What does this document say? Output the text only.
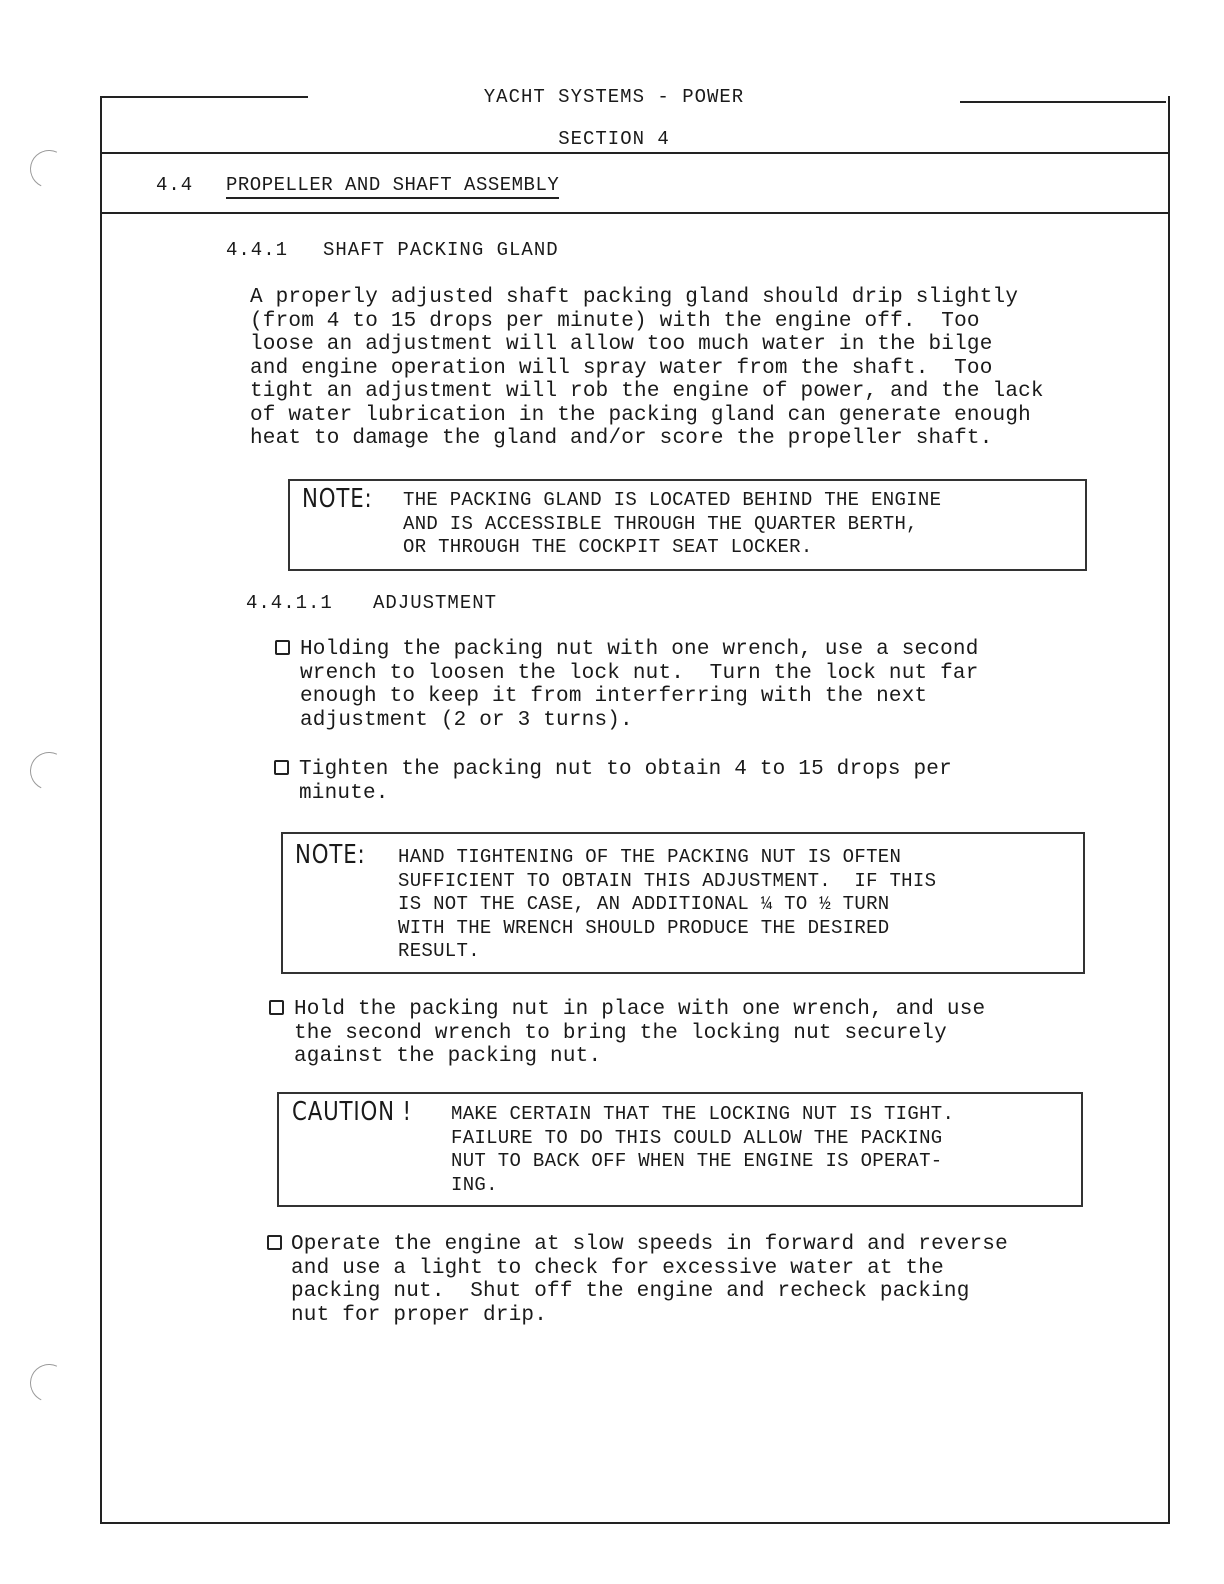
YACHT SYSTEMS - POWER
SECTION 4
4.4 PROPELLER AND SHAFT ASSEMBLY
4.4.1 SHAFT PACKING GLAND
A properly adjusted shaft packing gland should drip slightly
(from 4 to 15 drops per minute) with the engine off.  Too
loose an adjustment will allow too much water in the bilge
and engine operation will spray water from the shaft.  Too
tight an adjustment will rob the engine of power, and the lack
of water lubrication in the packing gland can generate enough
heat to damage the gland and/or score the propeller shaft.
NOTE: THE PACKING GLAND IS LOCATED BEHIND THE ENGINE
AND IS ACCESSIBLE THROUGH THE QUARTER BERTH,
OR THROUGH THE COCKPIT SEAT LOCKER.
4.4.1.1 ADJUSTMENT
Holding the packing nut with one wrench, use a second
wrench to loosen the lock nut.  Turn the lock nut far
enough to keep it from interferring with the next
adjustment (2 or 3 turns).
Tighten the packing nut to obtain 4 to 15 drops per
minute.
NOTE: HAND TIGHTENING OF THE PACKING NUT IS OFTEN
SUFFICIENT TO OBTAIN THIS ADJUSTMENT.  IF THIS
IS NOT THE CASE, AN ADDITIONAL ¼ TO ½ TURN
WITH THE WRENCH SHOULD PRODUCE THE DESIRED
RESULT.
Hold the packing nut in place with one wrench, and use
the second wrench to bring the locking nut securely
against the packing nut.
CAUTION ! MAKE CERTAIN THAT THE LOCKING NUT IS TIGHT.
FAILURE TO DO THIS COULD ALLOW THE PACKING
NUT TO BACK OFF WHEN THE ENGINE IS OPERAT-
ING.
Operate the engine at slow speeds in forward and reverse
and use a light to check for excessive water at the
packing nut.  Shut off the engine and recheck packing
nut for proper drip.
